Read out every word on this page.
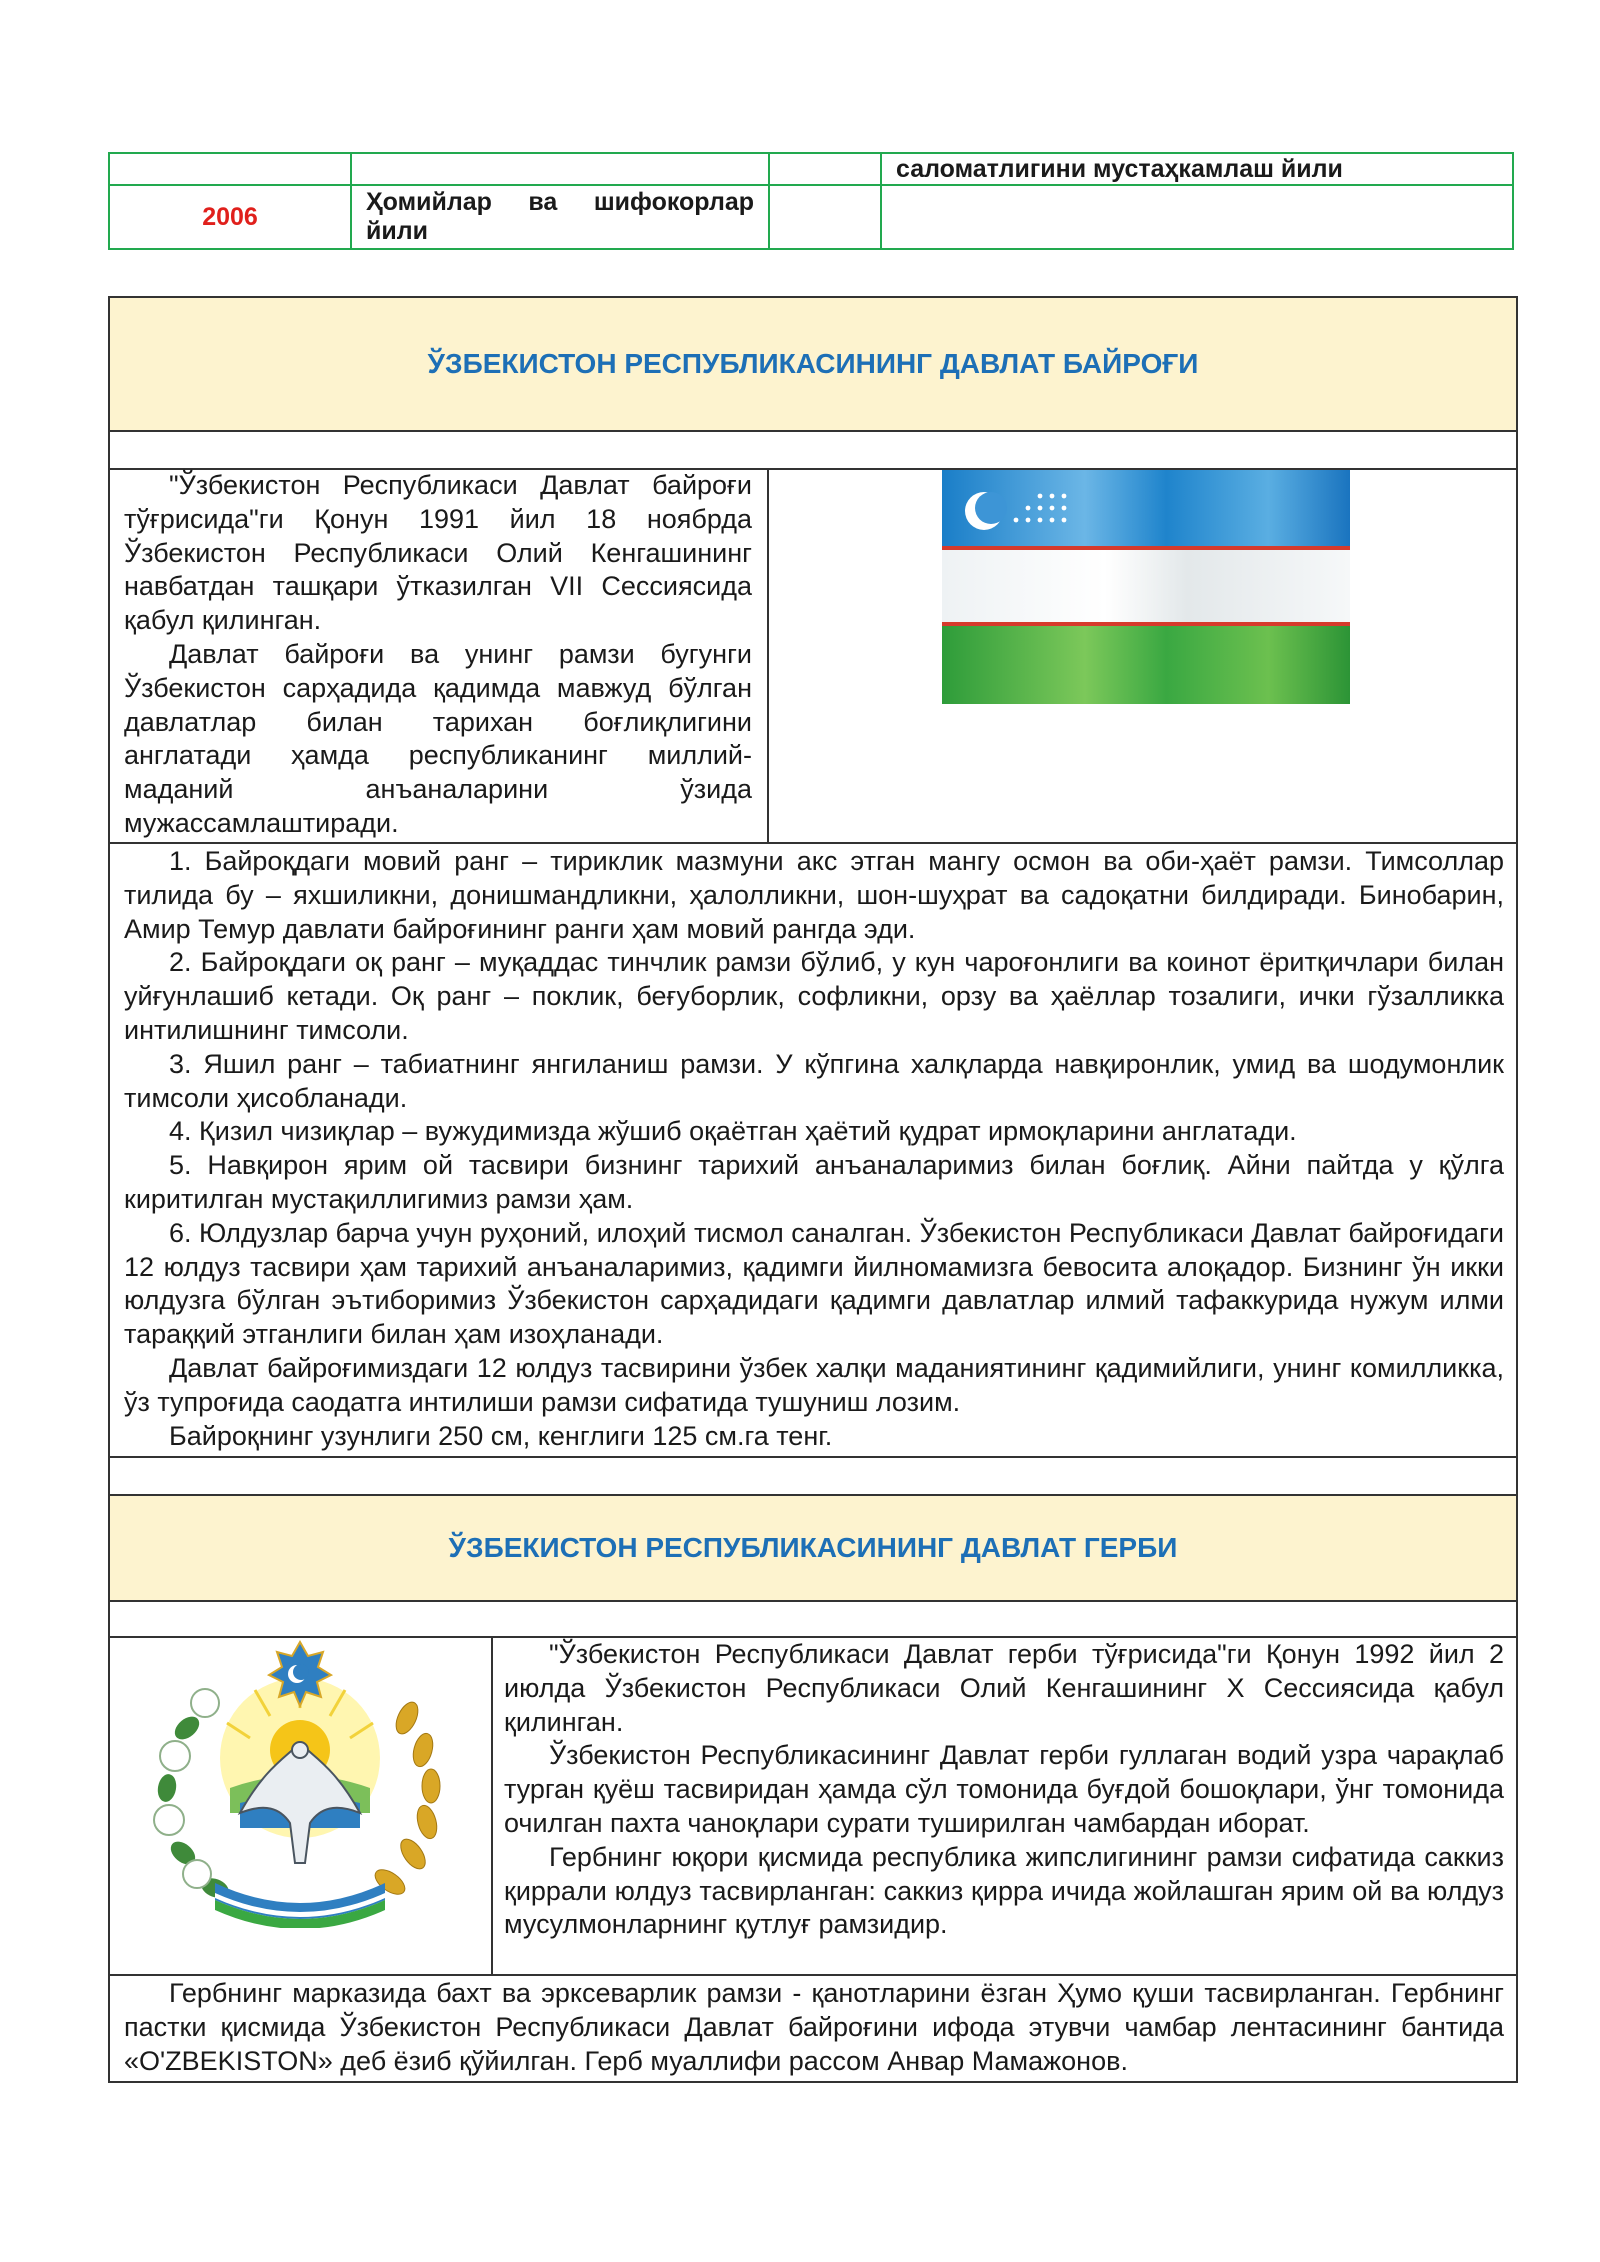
			саломатлигини мустаҳкамлаш йили
2006	Ҳомийлар ва шифокорлар
йили		

ЎЗБЕКИСТОН РЕСПУБЛИКАСИНИНГ ДАВЛАТ БАЙРОҒИ

"Ўзбекистон Республикаси Давлат байроғи тўғрисида"ги Қонун 1991 йил 18 ноябрда Ўзбекистон Республикаси Олий Кенгашининг навбатдан ташқари ўтказилган VII Сессиясида қабул қилинган.

Давлат байроғи ва унинг рамзи бугунги Ўзбекистон сарҳадида қадимда мавжуд бўлган давлатлар билан тарихан боғлиқлигини англатади ҳамда республиканинг миллий-маданий анъаналарини ўзида мужассамлаштиради.

1. Байроқдаги мовий ранг – тириклик мазмуни акс этган мангу осмон ва оби-ҳаёт рамзи. Тимсоллар тилида бу – яхшиликни, донишмандликни, ҳалолликни, шон-шуҳрат ва садоқатни билдиради. Бинобарин, Амир Темур давлати байроғининг ранги ҳам мовий рангда эди.

2. Байроқдаги оқ ранг – муқаддас тинчлик рамзи бўлиб, у кун чароғонлиги ва коинот ёритқичлари билан уйғунлашиб кетади. Оқ ранг – поклик, беғуборлик, софликни, орзу ва ҳаёллар тозалиги, ички гўзалликка интилишнинг тимсоли.

3. Яшил ранг – табиатнинг янгиланиш рамзи. У кўпгина халқларда навқиронлик, умид ва шодумонлик тимсоли ҳисобланади.

4. Қизил чизиқлар – вужудимизда жўшиб оқаётган ҳаётий қудрат ирмоқларини англатади.

5. Навқирон ярим ой тасвири бизнинг тарихий анъаналаримиз билан боғлиқ. Айни пайтда у қўлга киритилган мустақиллигимиз рамзи ҳам.

6. Юлдузлар барча учун руҳоний, илоҳий тисмол саналган. Ўзбекистон Республикаси Давлат байроғидаги 12 юлдуз тасвири ҳам тарихий анъаналаримиз, қадимги йилномамизга бевосита алоқадор. Бизнинг ўн икки юлдузга бўлган эътиборимиз Ўзбекистон сарҳадидаги қадимги давлатлар илмий тафаккурида нужум илми тараққий этганлиги билан ҳам изоҳланади.

Давлат байроғимиздаги 12 юлдуз тасвирини ўзбек халқи маданиятининг қадимийлиги, унинг комилликка, ўз тупроғида саодатга интилиши рамзи сифатида тушуниш лозим.

Байроқнинг узунлиги 250 см, кенглиги 125 см.га тенг.

ЎЗБЕКИСТОН РЕСПУБЛИКАСИНИНГ ДАВЛАТ ГЕРБИ

"Ўзбекистон Республикаси Давлат герби тўғрисида"ги Қонун 1992 йил 2 июлда Ўзбекистон Республикаси Олий Кенгашининг X Сессиясида қабул қилинган.

Ўзбекистон Республикасининг Давлат герби гуллаган водий узра чарақлаб турган қуёш тасвиридан ҳамда сўл томонида буғдой бошоқлари, ўнг томонида очилган пахта чаноқлари сурати туширилган чамбардан иборат.

Гербнинг юқори қисмида республика жипслигининг рамзи сифатида саккиз қиррали юлдуз тасвирланган: саккиз қирра ичида жойлашган ярим ой ва юлдуз мусулмонларнинг қутлуғ рамзидир.

Гербнинг марказида бахт ва эрксеварлик рамзи - қанотларини ёзган Ҳумо қуши тасвирланган. Гербнинг пастки қисмида Ўзбекистон Республикаси Давлат байроғини ифода этувчи чамбар лентасининг бантида «O'ZBEKISTON» деб ёзиб қўйилган. Герб муаллифи рассом Анвар Мамажонов.
